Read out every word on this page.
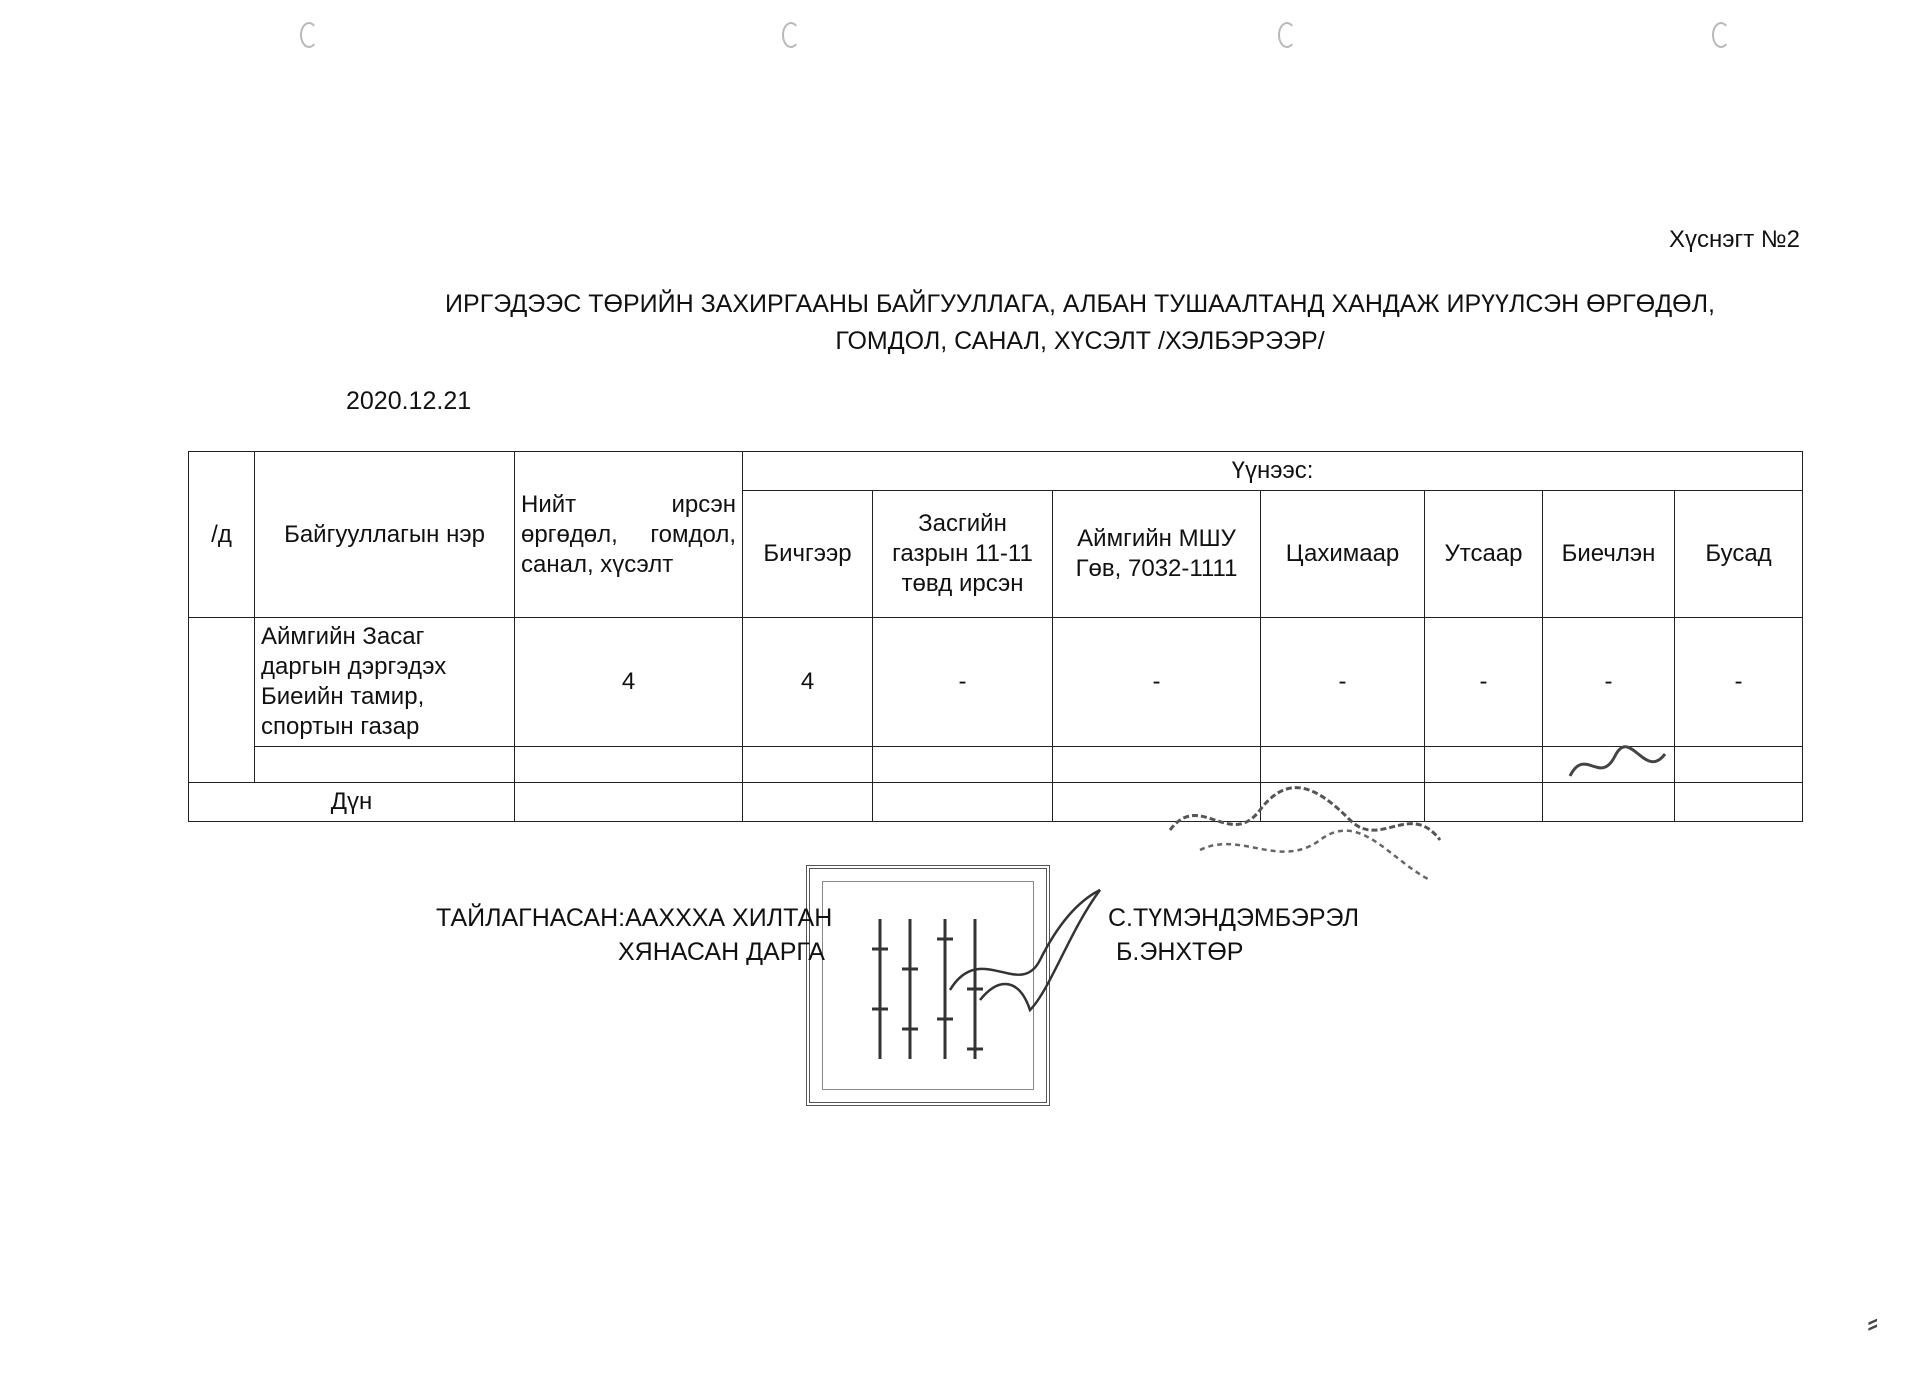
Хүснэгт №2
ИРГЭДЭЭС ТӨРИЙН ЗАХИРГААНЫ БАЙГУУЛЛАГА, АЛБАН ТУШААЛТАНД ХАНДАЖ ИРҮҮЛСЭН ӨРГӨДӨЛ,
ГОМДОЛ, САНАЛ, ХҮСЭЛТ /ХЭЛБЭРЭЭР/
2020.12.21
/д	Байгууллагын нэр	Нийт ирсэн өргөдөл, гомдол, санал, хүсэлт	Үүнээс:						
			Бичгээр	Засгийн газрын 11-11 төвд ирсэн	Аймгийн МШУ Гөв, 7032-1111	Цахимаар	Утсаар	Биечлэн	Бусад
	Аймгийн Засаг даргын дэргэдэх Биеийн тамир, спортын газар	4	4	-	-	-	-	-	-

Дүн									
ТАЙЛАГНАСАН:ААХХХА ХИЛТАН	С.ТҮМЭНДЭМБЭРЭЛ
ХЯНАСАН ДАРГА	Б.ЭНХТӨР
⸗
